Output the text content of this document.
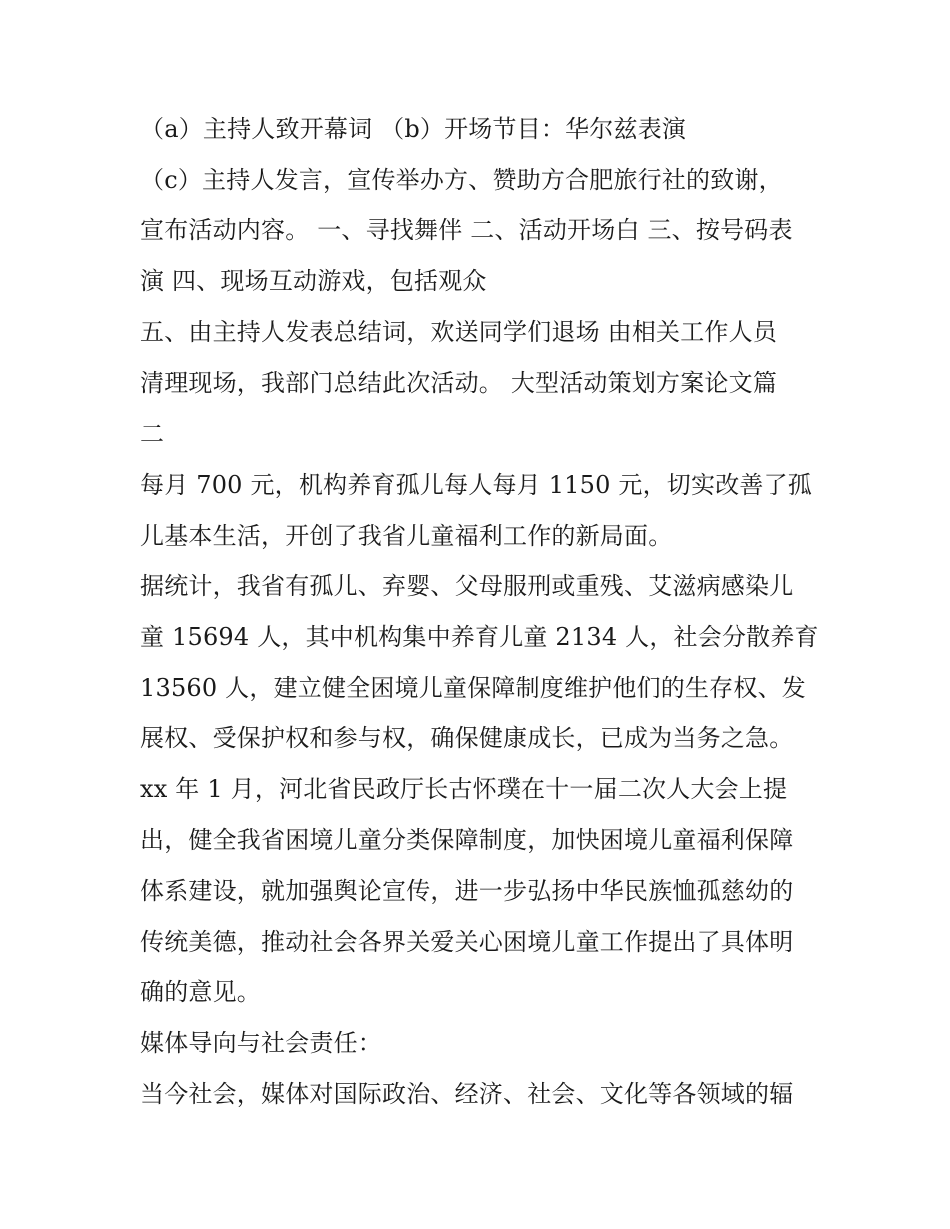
（a）主持人致开幕词 （b）开场节目：华尔兹表演
（c）主持人发言，宣传举办方、赞助方合肥旅行社的致谢，
宣布活动内容。 一、寻找舞伴 二、活动开场白 三、按号码表
演 四、现场互动游戏，包括观众
五、由主持人发表总结词，欢送同学们退场 由相关工作人员
清理现场，我部门总结此次活动。 大型活动策划方案论文篇
二
每月 700 元，机构养育孤儿每人每月 1150 元，切实改善了孤
儿基本生活，开创了我省儿童福利工作的新局面。
据统计，我省有孤儿、弃婴、父母服刑或重残、艾滋病感染儿
童 15694 人，其中机构集中养育儿童 2134 人，社会分散养育
13560 人，建立健全困境儿童保障制度维护他们的生存权、发
展权、受保护权和参与权，确保健康成长，已成为当务之急。
xx 年 1 月，河北省民政厅长古怀璞在十一届二次人大会上提
出，健全我省困境儿童分类保障制度，加快困境儿童福利保障
体系建设，就加强舆论宣传，进一步弘扬中华民族恤孤慈幼的
传统美德，推动社会各界关爱关心困境儿童工作提出了具体明
确的意见。
媒体导向与社会责任：
当今社会，媒体对国际政治、经济、社会、文化等各领域的辐
